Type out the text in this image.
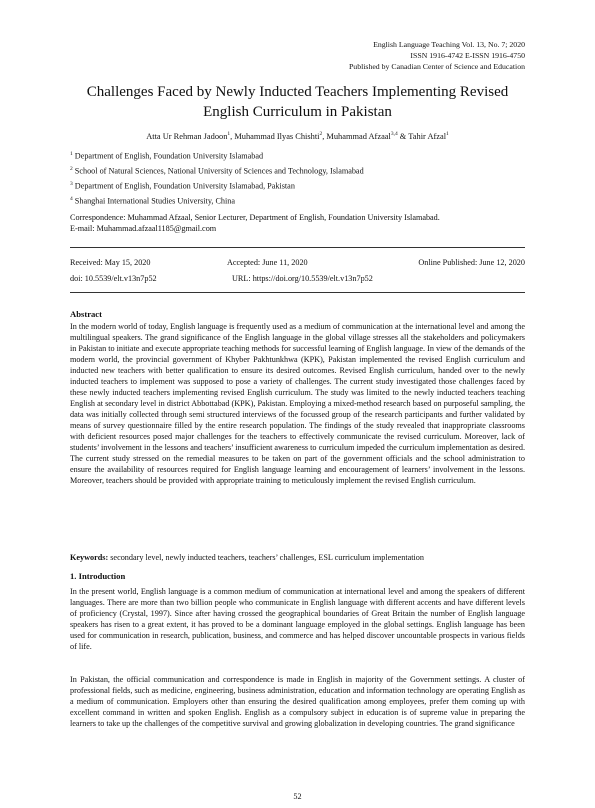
English Language Teaching Vol. 13, No. 7; 2020
ISSN 1916-4742 E-ISSN 1916-4750
Published by Canadian Center of Science and Education
Challenges Faced by Newly Inducted Teachers Implementing Revised
English Curriculum in Pakistan
Atta Ur Rehman Jadoon$^1$, Muhammad Ilyas Chishti$^2$, Muhammad Afzaal$^{3,4}$ & Tahir Afzal$^1$
$^1$ Department of English, Foundation University Islamabad
$^2$ School of Natural Sciences, National University of Sciences and Technology, Islamabad
$^3$ Department of English, Foundation University Islamabad, Pakistan
$^4$ Shanghai International Studies University, China
Correspondence: Muhammad Afzaal, Senior Lecturer, Department of English, Foundation University Islamabad.
E-mail: Muhammad.afzaal1185@gmail.com
Received: May 15, 2020	Accepted: June 11, 2020	Online Published: June 12, 2020
doi: 10.5539/elt.v13n7p52	URL: https://doi.org/10.5539/elt.v13n7p52
Abstract

In the modern world of today, English language is frequently used as a medium of communication at the international level and among the multilingual speakers. The grand significance of the English language in the global village stresses all the stakeholders and policymakers in Pakistan to initiate and execute appropriate teaching methods for successful learning of English language. In view of the demands of the modern world, the provincial government of Khyber Pakhtunkhwa (KPK), Pakistan implemented the revised English curriculum and inducted new teachers with better qualification to ensure its desired outcomes. Revised English curriculum, handed over to the newly inducted teachers to implement was supposed to pose a variety of challenges. The current study investigated those challenges faced by these newly inducted teachers implementing revised English curriculum. The study was limited to the newly inducted teachers teaching English at secondary level in district Abbottabad (KPK), Pakistan. Employing a mixed-method research based on purposeful sampling, the data was initially collected through semi structured interviews of the focussed group of the research participants and further validated by means of survey questionnaire filled by the entire research population. The findings of the study revealed that inappropriate classrooms with deficient resources posed major challenges for the teachers to effectively communicate the revised curriculum. Moreover, lack of students’ involvement in the lessons and teachers’ insufficient awareness to curriculum impeded the curriculum implementation as desired. The current study stressed on the remedial measures to be taken on part of the government officials and the school administration to ensure the availability of resources required for English language learning and encouragement of learners’ involvement in the lessons. Moreover, teachers should be provided with appropriate training to meticulously implement the revised English curriculum.

Keywords: secondary level, newly inducted teachers, teachers’ challenges, ESL curriculum implementation
1. Introduction

In the present world, English language is a common medium of communication at international level and among the speakers of different languages. There are more than two billion people who communicate in English language with different accents and have different levels of proficiency (Crystal, 1997). Since after having crossed the geographical boundaries of Great Britain the number of English language speakers has risen to a great extent, it has proved to be a dominant language employed in the global settings. English language has been used for communication in research, publication, business, and commerce and has helped discover uncountable prospects in various fields of life.

In Pakistan, the official communication and correspondence is made in English in majority of the Government settings. A cluster of professional fields, such as medicine, engineering, business administration, education and information technology are operating English as a medium of communication. Employers other than ensuring the desired qualification among employees, prefer them coming up with excellent command in written and spoken English. English as a compulsory subject in education is of supreme value in preparing the learners to take up the challenges of the competitive survival and growing globalization in developing countries. The grand significance

52
